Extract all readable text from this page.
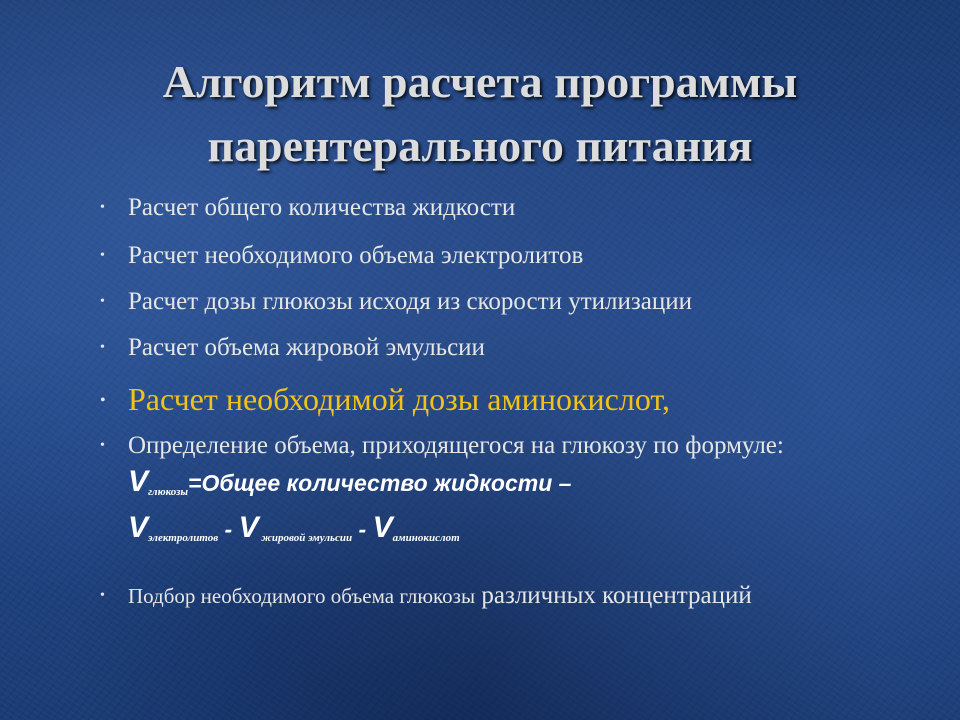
Алгоритм расчета программы
парентерального питания
• Расчет общего количества жидкости
• Расчет необходимого объема электролитов
• Расчет дозы глюкозы исходя из скорости утилизации
• Расчет объема жировой эмульсии
• Расчет необходимой дозы аминокислот,
• Определение объема, приходящегося на глюкозу по формуле: $V_{глюкозы}=Общее$ количество жидкости –
$V_{электролитов}$ - V $_{жировой эмульсии} - V_{аминокислот}$
• Подбор необходимого объема глюкозы различных концентраций
